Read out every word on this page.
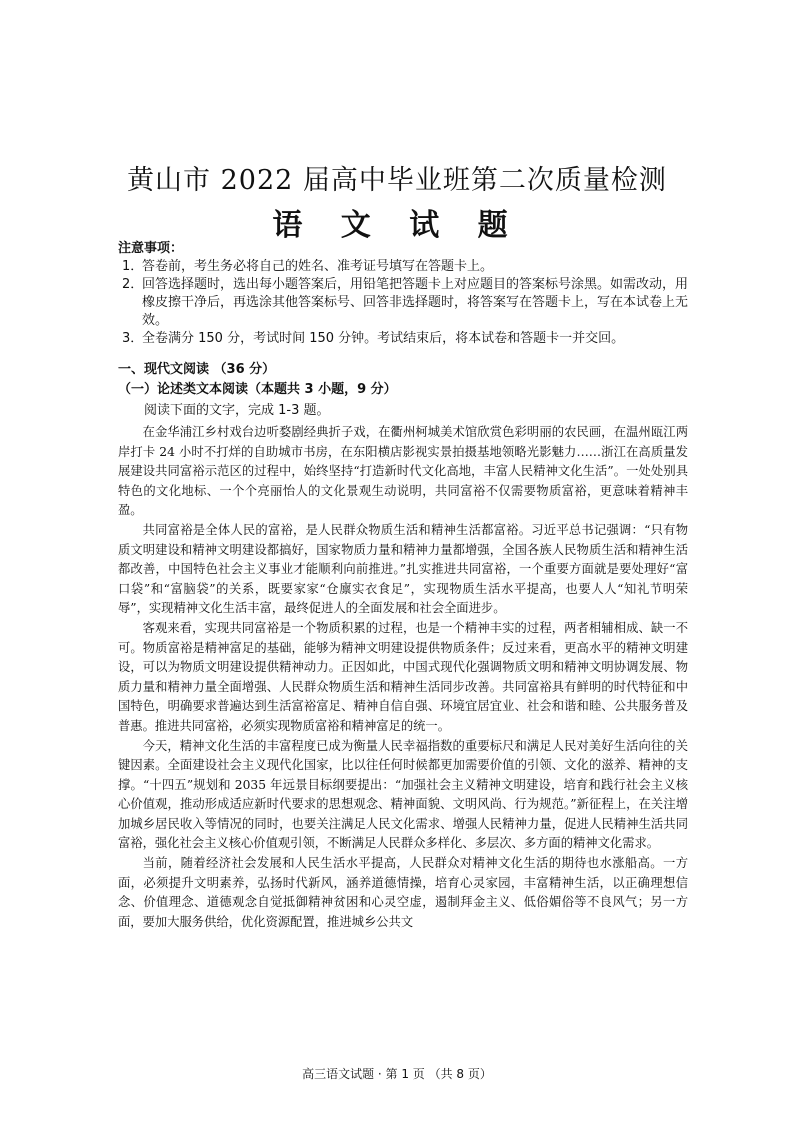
黄山市 2022 届高中毕业班第二次质量检测
语 文 试 题
注意事项：
1．
答卷前，考生务必将自己的姓名、准考证号填写在答题卡上。
2．
回答选择题时，选出每小题答案后，用铅笔把答题卡上对应题目的答案标号涂黑。如需改动，用橡皮擦干净后，再选涂其他答案标号、回答非选择题时，将答案写在答题卡上，写在本试卷上无效。
3．
全卷满分 150 分，考试时间 150 分钟。考试结束后，将本试卷和答题卡一并交回。
一、现代文阅读 （36 分）
（一）论述类文本阅读（本题共 3 小题，9 分）
阅读下面的文字，完成 1-3 题。

在金华浦江乡村戏台边听婺剧经典折子戏，在衢州柯城美术馆欣赏色彩明丽的农民画，在温州瓯江两岸打卡 24 小时不打烊的自助城市书房，在东阳横店影视实景拍摄基地领略光影魅力……浙江在高质量发展建设共同富裕示范区的过程中，始终坚持“打造新时代文化高地，丰富人民精神文化生活”。一处处别具特色的文化地标、一个个亮丽怡人的文化景观生动说明，共同富裕不仅需要物质富裕，更意味着精神丰盈。

共同富裕是全体人民的富裕，是人民群众物质生活和精神生活都富裕。习近平总书记强调：“只有物质文明建设和精神文明建设都搞好，国家物质力量和精神力量都增强，全国各族人民物质生活和精神生活都改善，中国特色社会主义事业才能顺利向前推进。”扎实推进共同富裕，一个重要方面就是要处理好“富口袋”和“富脑袋”的关系，既要家家“仓廪实衣食足”，实现物质生活水平提高，也要人人“知礼节明荣辱”，实现精神文化生活丰富，最终促进人的全面发展和社会全面进步。

客观来看，实现共同富裕是一个物质积累的过程，也是一个精神丰实的过程，两者相辅相成、缺一不可。物质富裕是精神富足的基础，能够为精神文明建设提供物质条件；反过来看，更高水平的精神文明建设，可以为物质文明建设提供精神动力。正因如此，中国式现代化强调物质文明和精神文明协调发展、物质力量和精神力量全面增强、人民群众物质生活和精神生活同步改善。共同富裕具有鲜明的时代特征和中国特色，明确要求普遍达到生活富裕富足、精神自信自强、环境宜居宜业、社会和谐和睦、公共服务普及普惠。推进共同富裕，必须实现物质富裕和精神富足的统一。

今天，精神文化生活的丰富程度已成为衡量人民幸福指数的重要标尺和满足人民对美好生活向往的关键因素。全面建设社会主义现代化国家，比以往任何时候都更加需要价值的引领、文化的滋养、精神的支撑。“十四五”规划和 2035 年远景目标纲要提出：“加强社会主义精神文明建设，培育和践行社会主义核心价值观，推动形成适应新时代要求的思想观念、精神面貌、文明风尚、行为规范。”新征程上，在关注增加城乡居民收入等情况的同时，也要关注满足人民文化需求、增强人民精神力量，促进人民精神生活共同富裕，强化社会主义核心价值观引领，不断满足人民群众多样化、多层次、多方面的精神文化需求。

当前，随着经济社会发展和人民生活水平提高，人民群众对精神文化生活的期待也水涨船高。一方面，必须提升文明素养，弘扬时代新风，涵养道德情操，培育心灵家园，丰富精神生活，以正确理想信念、价值理念、道德观念自觉抵御精神贫困和心灵空虚，遏制拜金主义、低俗媚俗等不良风气；另一方面，要加大服务供给，优化资源配置，推进城乡公共文

高三语文试题 · 第 1 页 （共 8 页）
